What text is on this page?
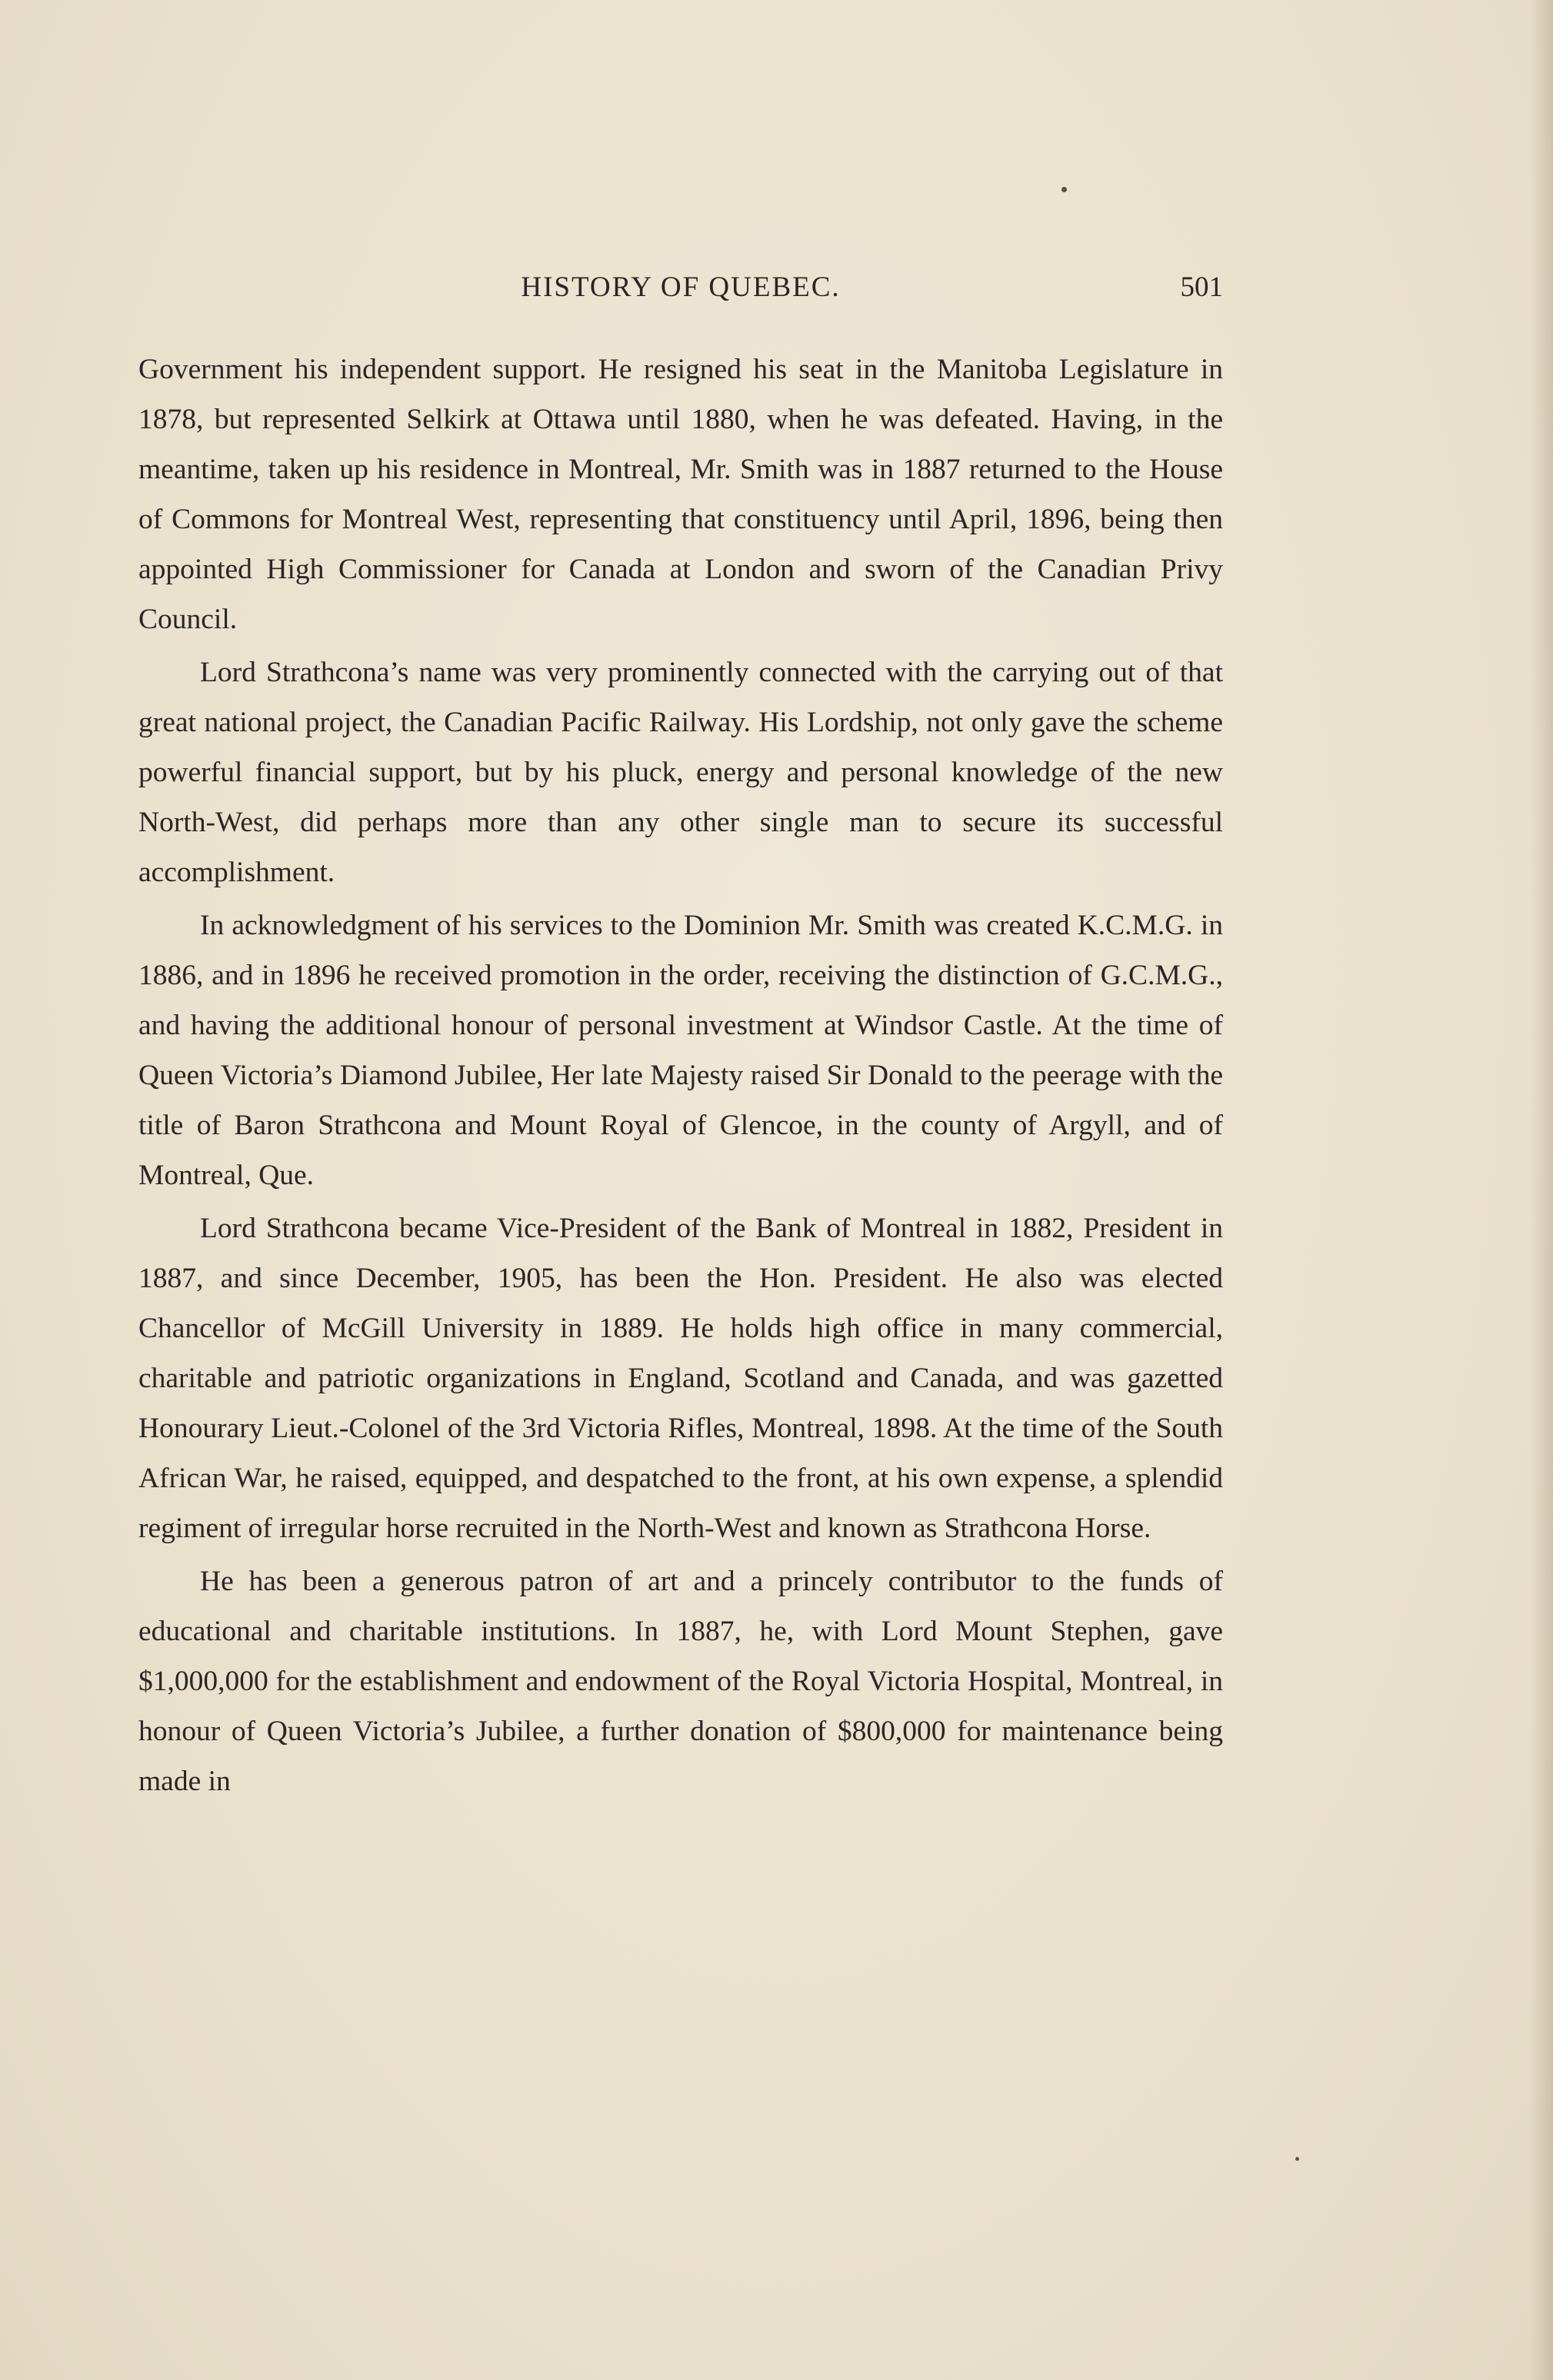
HISTORY OF QUEBEC.	501

Government his independent support. He resigned his seat in the Manitoba Legislature in 1878, but represented Selkirk at Ottawa until 1880, when he was defeated. Having, in the meantime, taken up his residence in Montreal, Mr. Smith was in 1887 returned to the House of Commons for Montreal West, representing that constituency until April, 1896, being then appointed High Commissioner for Canada at London and sworn of the Canadian Privy Council.

Lord Strathcona’s name was very prominently connected with the carrying out of that great national project, the Canadian Pacific Railway. His Lordship, not only gave the scheme powerful financial support, but by his pluck, energy and personal knowledge of the new North-West, did perhaps more than any other single man to secure its successful accomplishment.

In acknowledgment of his services to the Dominion Mr. Smith was created K.C.M.G. in 1886, and in 1896 he received promotion in the order, receiving the distinction of G.C.M.G., and having the additional honour of personal investment at Windsor Castle. At the time of Queen Victoria’s Diamond Jubilee, Her late Majesty raised Sir Donald to the peerage with the title of Baron Strathcona and Mount Royal of Glencoe, in the county of Argyll, and of Montreal, Que.

Lord Strathcona became Vice-President of the Bank of Montreal in 1882, President in 1887, and since December, 1905, has been the Hon. President. He also was elected Chancellor of McGill University in 1889. He holds high office in many commercial, charitable and patriotic organizations in England, Scotland and Canada, and was gazetted Honourary Lieut.-Colonel of the 3rd Victoria Rifles, Montreal, 1898. At the time of the South African War, he raised, equipped, and despatched to the front, at his own expense, a splendid regiment of irregular horse recruited in the North-West and known as Strathcona Horse.

He has been a generous patron of art and a princely contributor to the funds of educational and charitable institutions. In 1887, he, with Lord Mount Stephen, gave $1,000,000 for the establishment and endowment of the Royal Victoria Hospital, Montreal, in honour of Queen Victoria’s Jubilee, a further donation of $800,000 for maintenance being made in
